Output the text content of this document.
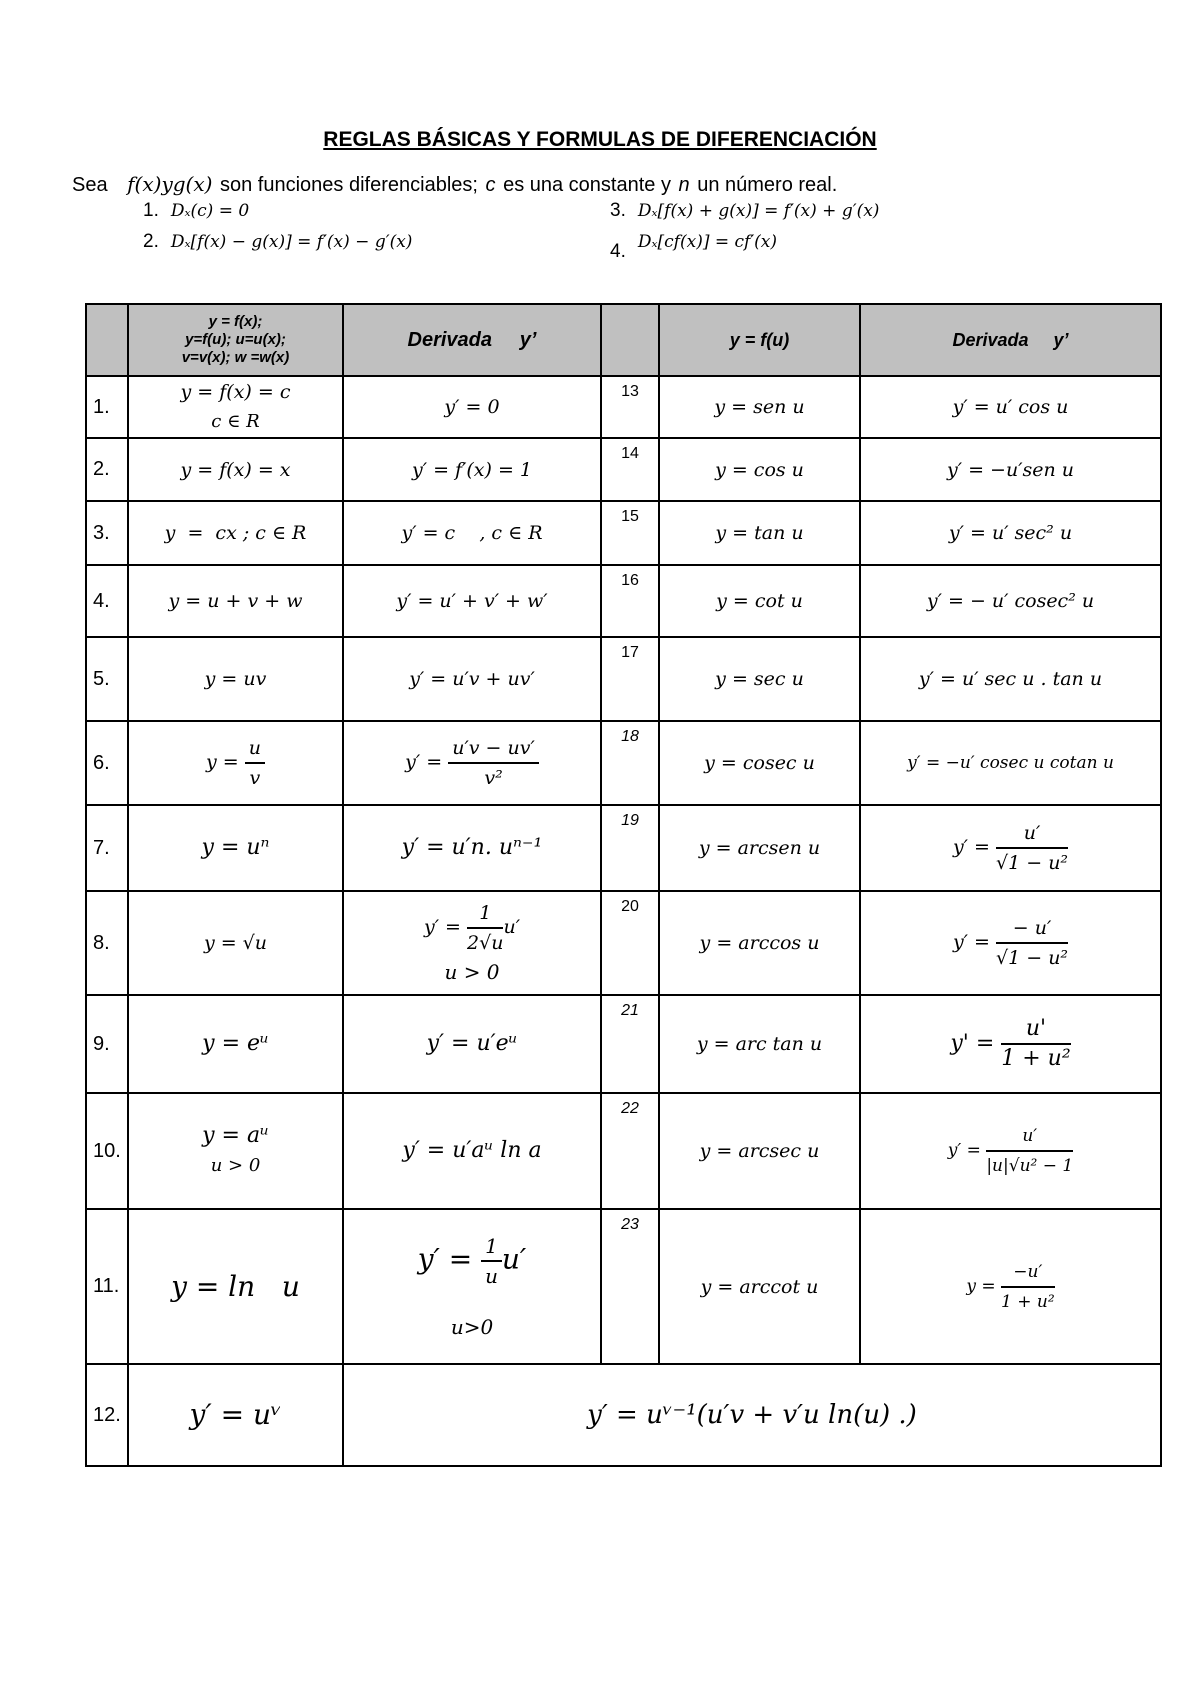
REGLAS BÁSICAS Y FORMULAS DE DIFERENCIACIÓN
Sea f(x)yg(x) son funciones diferenciables; c es una constante y n un número real.
1. Dₓ(c) = 0
2. Dₓ[f(x) − g(x)] = f′(x) − g′(x)
3. Dₓ[f(x) + g(x)] = f′(x) + g′(x)
4. Dₓ[cf(x)] = cf′(x)

	y = f(x);
y=f(u); u=u(x);
v=v(x); w =w(x)	Derivada     y’		y = f(u)	Derivada     y’
1.	y = f(x) = c
c ∈ R	y′ = 0	13	y = sen u	y′ = u′ cos u
2.	y = f(x) = x	y′ = f′(x) = 1	14	y = cos u	y′ = −u′sen u
3.	y  =  cx ; c ∈ R	y′ = c    , c ∈ R	15	y = tan u	y′ = u′ sec² u
4.	y = u + v + w	y′ = u′ + v′ + w′	16	y = cot u	y′ = − u′ cosec² u
5.	y = uv	y′ = u′v + uv′	17	y = sec u	y′ = u′ sec u . tan u
6.	$y = \frac{u}{v}$	$y' = \frac{u'v - uv'}{\text{v²}}$	18	y = cosec u	y′ = −u′ cosec u cotan u
7.	y = uⁿ	y′ = u′n. uⁿ⁻¹	19	y = arcsen u	$y' = \frac{u'}{\text{√1 − u²}}$

8.	y = √u	$y' = \frac{1}{2√u} u'$
u > 0	20	y = arccos u	$y' = \frac{- u'}{\text{√1 − u²}}$

9.	y = eᵘ	y′ = u′eᵘ	21	y = arc tan u	$y' = \frac{u'}{\text{1 + u²}}$

10.	y = aᵘ
u > 0	y′ = u′aᵘ ln a	22	y = arcsec u	$y' = \frac{u'}{\text{|u|√u² − 1}}$

11.	y = ln   u	$y' = \frac{1}{u} u'$
u>0	23	y = arccot u	$y = \frac{-u'}{\text{1 + u²}}$

12.	y′ = uᵛ	y′ = uᵛ⁻¹(u′v + v′u ln(u) .)			
